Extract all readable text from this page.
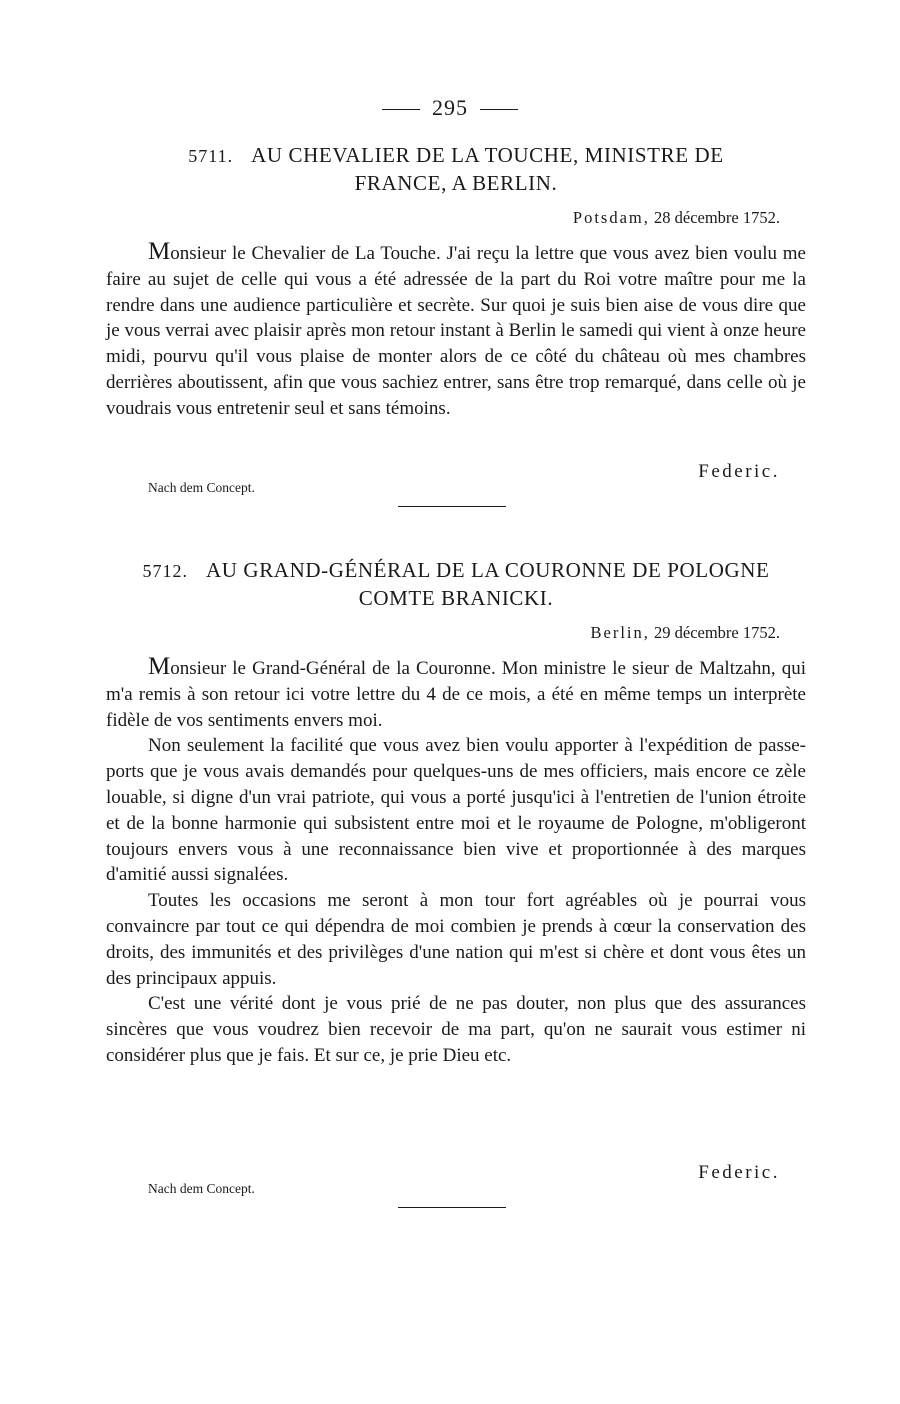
295
5711. AU CHEVALIER DE LA TOUCHE, MINISTRE DE
FRANCE, A BERLIN.
Potsdam, 28 décembre 1752.

Monsieur le Chevalier de La Touche. J'ai reçu la lettre que vous avez bien voulu me faire au sujet de celle qui vous a été adressée de la part du Roi votre maître pour me la rendre dans une audience particulière et secrète. Sur quoi je suis bien aise de vous dire que je vous verrai avec plaisir après mon retour instant à Berlin le samedi qui vient à onze heure midi, pourvu qu'il vous plaise de monter alors de ce côté du château où mes chambres derrières aboutissent, afin que vous sachiez entrer, sans être trop remarqué, dans celle où je voudrais vous entretenir seul et sans témoins.

Federic.
Nach dem Concept.
5712. AU GRAND-GÉNÉRAL DE LA COURONNE DE POLOGNE
COMTE BRANICKI.
Berlin, 29 décembre 1752.

Monsieur le Grand-Général de la Couronne. Mon ministre le sieur de Maltzahn, qui m'a remis à son retour ici votre lettre du 4 de ce mois, a été en même temps un interprète fidèle de vos sentiments envers moi.

Non seulement la facilité que vous avez bien voulu apporter à l'expédition de passe-ports que je vous avais demandés pour quelques-uns de mes officiers, mais encore ce zèle louable, si digne d'un vrai patriote, qui vous a porté jusqu'ici à l'entretien de l'union étroite et de la bonne harmonie qui subsistent entre moi et le royaume de Pologne, m'obligeront toujours envers vous à une reconnaissance bien vive et proportionnée à des marques d'amitié aussi signalées.

Toutes les occasions me seront à mon tour fort agréables où je pourrai vous convaincre par tout ce qui dépendra de moi combien je prends à cœur la conservation des droits, des immunités et des privilèges d'une nation qui m'est si chère et dont vous êtes un des principaux appuis.

C'est une vérité dont je vous prié de ne pas douter, non plus que des assurances sincères que vous voudrez bien recevoir de ma part, qu'on ne saurait vous estimer ni considérer plus que je fais. Et sur ce, je prie Dieu etc.

Federic.
Nach dem Concept.
